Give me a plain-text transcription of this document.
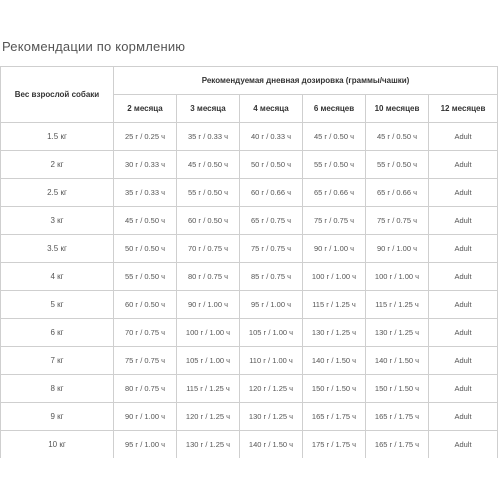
Рекомендации по кормлению
Вес взрослой собаки	Рекомендуемая дневная дозировка (граммы/чашки)					
	2 месяца	3 месяца	4 месяца	6 месяцев	10 месяцев	12 месяцев
1.5 кг	25 г / 0.25 ч	35 г / 0.33 ч	40 г / 0.33 ч	45 г / 0.50 ч	45 г / 0.50 ч	Adult
2 кг	30 г / 0.33 ч	45 г / 0.50 ч	50 г / 0.50 ч	55 г / 0.50 ч	55 г / 0.50 ч	Adult
2.5 кг	35 г / 0.33 ч	55 г / 0.50 ч	60 г / 0.66 ч	65 г / 0.66 ч	65 г / 0.66 ч	Adult
3 кг	45 г / 0.50 ч	60 г / 0.50 ч	65 г / 0.75 ч	75 г / 0.75 ч	75 г / 0.75 ч	Adult
3.5 кг	50 г / 0.50 ч	70 г / 0.75 ч	75 г / 0.75 ч	90 г / 1.00 ч	90 г / 1.00 ч	Adult
4 кг	55 г / 0.50 ч	80 г / 0.75 ч	85 г / 0.75 ч	100 г / 1.00 ч	100 г / 1.00 ч	Adult
5 кг	60 г / 0.50 ч	90 г / 1.00 ч	95 г / 1.00 ч	115 г / 1.25 ч	115 г / 1.25 ч	Adult
6 кг	70 г / 0.75 ч	100 г / 1.00 ч	105 г / 1.00 ч	130 г / 1.25 ч	130 г / 1.25 ч	Adult
7 кг	75 г / 0.75 ч	105 г / 1.00 ч	110 г / 1.00 ч	140 г / 1.50 ч	140 г / 1.50 ч	Adult
8 кг	80 г / 0.75 ч	115 г / 1.25 ч	120 г / 1.25 ч	150 г / 1.50 ч	150 г / 1.50 ч	Adult
9 кг	90 г / 1.00 ч	120 г / 1.25 ч	130 г / 1.25 ч	165 г / 1.75 ч	165 г / 1.75 ч	Adult
10 кг	95 г / 1.00 ч	130 г / 1.25 ч	140 г / 1.50 ч	175 г / 1.75 ч	165 г / 1.75 ч	Adult
